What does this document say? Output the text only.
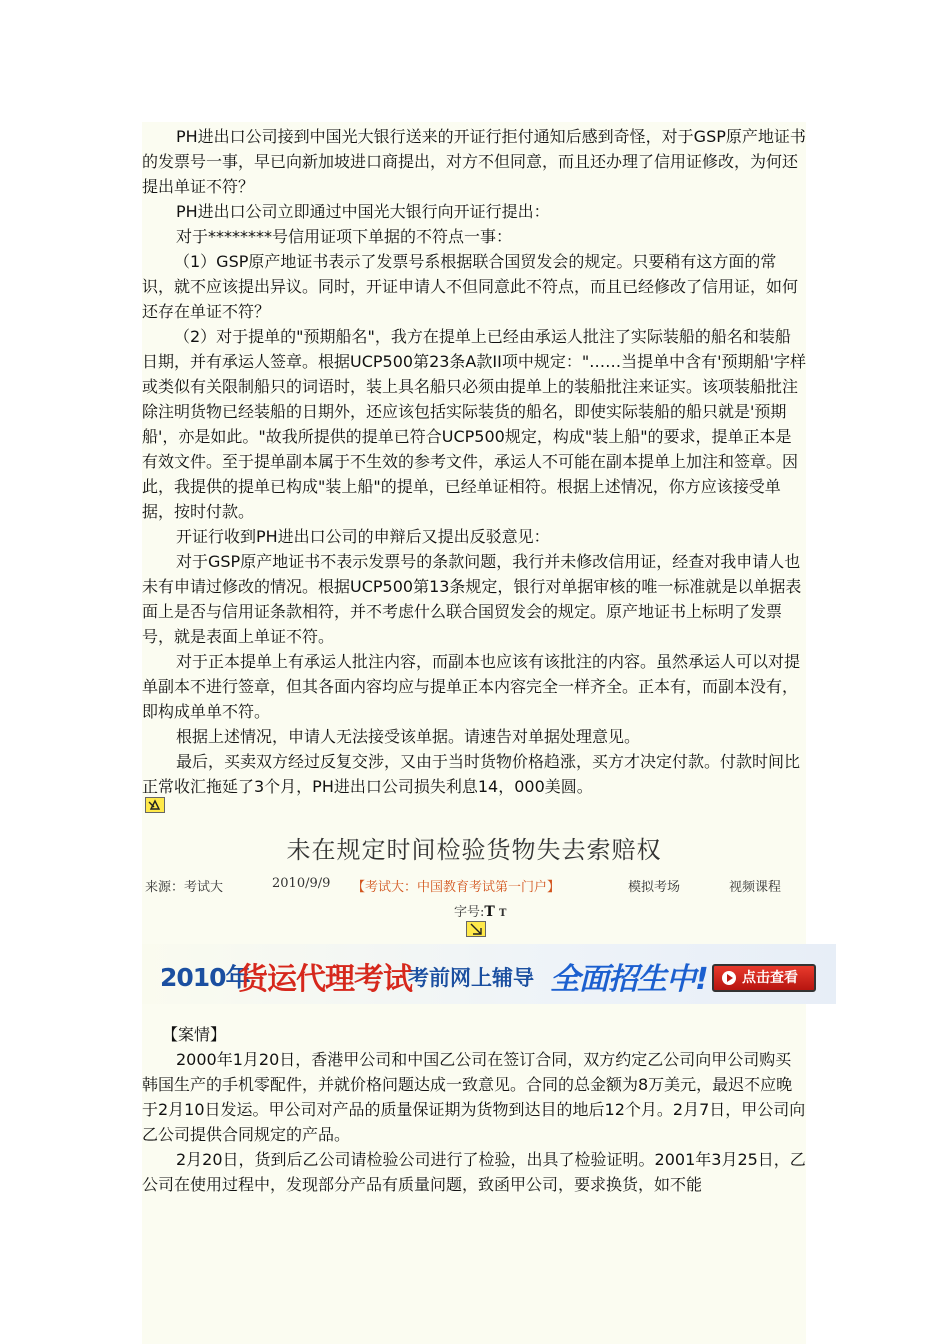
PH进出口公司接到中国光大银行送来的开证行拒付通知后感到奇怪，对于GSP原产地证书的发票号一事，早已向新加坡进口商提出，对方不但同意，而且还办理了信用证修改，为何还提出单证不符？

PH进出口公司立即通过中国光大银行向开证行提出：

对于********号信用证项下单据的不符点一事：

（1）GSP原产地证书表示了发票号系根据联合国贸发会的规定。只要稍有这方面的常识，就不应该提出异议。同时，开证申请人不但同意此不符点，而且已经修改了信用证，如何还存在单证不符？

（2）对于提单的"预期船名"，我方在提单上已经由承运人批注了实际装船的船名和装船日期，并有承运人签章。根据UCP500第23条A款II项中规定："……当提单中含有'预期船'字样或类似有关限制船只的词语时，装上具名船只必须由提单上的装船批注来证实。该项装船批注除注明货物已经装船的日期外，还应该包括实际装货的船名，即使实际装船的船只就是'预期船'，亦是如此。"故我所提供的提单已符合UCP500规定，构成"装上船"的要求，提单正本是有效文件。至于提单副本属于不生效的参考文件，承运人不可能在副本提单上加注和签章。因此，我提供的提单已构成"装上船"的提单，已经单证相符。根据上述情况，你方应该接受单据，按时付款。

开证行收到PH进出口公司的申辩后又提出反驳意见：

对于GSP原产地证书不表示发票号的条款问题，我行并未修改信用证，经查对我申请人也未有申请过修改的情况。根据UCP500第13条规定，银行对单据审核的唯一标准就是以单据表面上是否与信用证条款相符，并不考虑什么联合国贸发会的规定。原产地证书上标明了发票号，就是表面上单证不符。

对于正本提单上有承运人批注内容，而副本也应该有该批注的内容。虽然承运人可以对提单副本不进行签章，但其各面内容均应与提单正本内容完全一样齐全。正本有，而副本没有，即构成单单不符。

根据上述情况，申请人无法接受该单据。请速告对单据处理意见。

最后，买卖双方经过反复交涉，又由于当时货物价格趋涨，买方才决定付款。付款时间比正常收汇拖延了3个月，PH进出口公司损失利息14，000美圆。

未在规定时间检验货物失去索赔权
来源：考试大	2010/9/9 【考试大：中国教育考试第一门户】	模拟考场	视频课程
字号:T T
2010年
货运代理考试
考前网上辅导 全面招生中!	点击查看

【案情】

2000年1月20日，香港甲公司和中国乙公司在签订合同，双方约定乙公司向甲公司购买韩国生产的手机零配件，并就价格问题达成一致意见。合同的总金额为8万美元，最迟不应晚于2月10日发运。甲公司对产品的质量保证期为货物到达目的地后12个月。2月7日，甲公司向乙公司提供合同规定的产品。

2月20日，货到后乙公司请检验公司进行了检验，出具了检验证明。2001年3月25日，乙公司在使用过程中，发现部分产品有质量问题，致函甲公司，要求换货，如不能
